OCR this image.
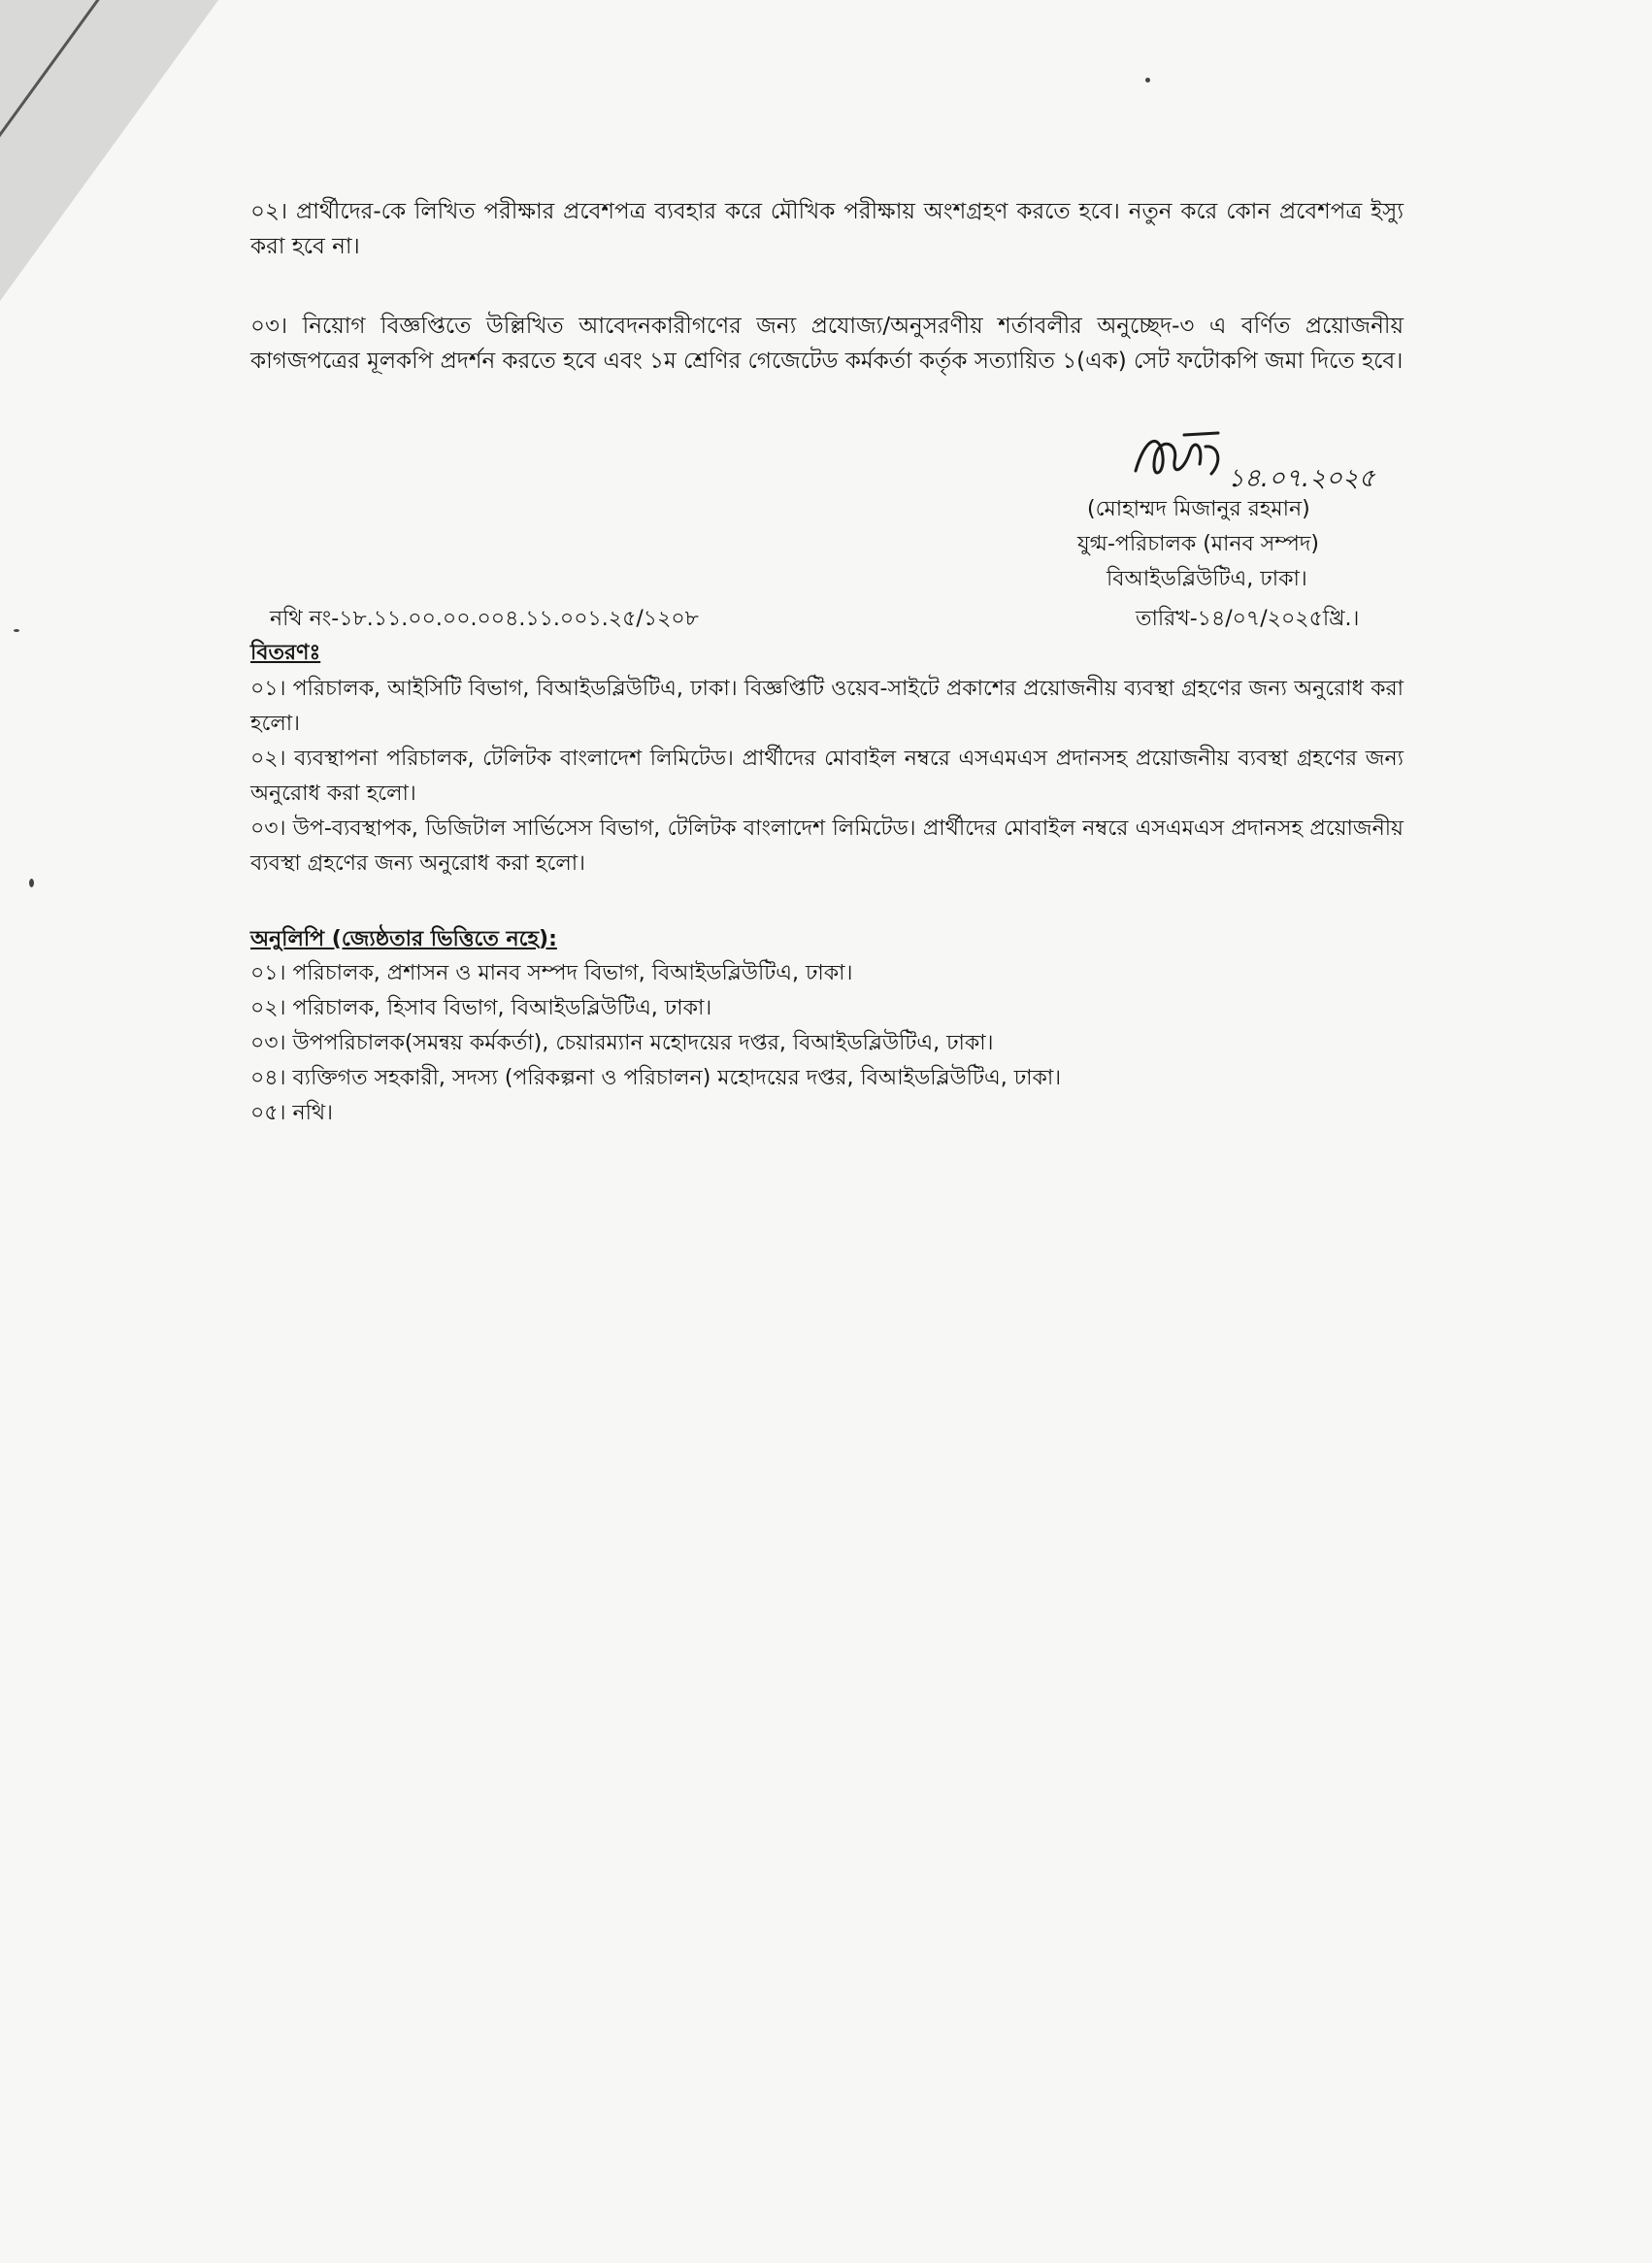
০২। প্রার্থীদের-কে লিখিত পরীক্ষার প্রবেশপত্র ব্যবহার করে মৌখিক পরীক্ষায় অংশগ্রহণ করতে হবে। নতুন করে কোন প্রবেশপত্র ইস্যু করা হবে না।

০৩। নিয়োগ বিজ্ঞপ্তিতে উল্লিখিত আবেদনকারীগণের জন্য প্রযোজ্য/অনুসরণীয় শর্তাবলীর অনুচ্ছেদ-৩ এ বর্ণিত প্রয়োজনীয় কাগজপত্রের মূলকপি প্রদর্শন করতে হবে এবং ১ম শ্রেণির গেজেটেড কর্মকর্তা কর্তৃক সত্যায়িত ১(এক) সেট ফটোকপি জমা দিতে হবে।

১৪.০৭.২০২৫
(মোহাম্মদ মিজানুর রহমান)
যুগ্ম-পরিচালক (মানব সম্পদ)
বিআইডব্লিউটিএ, ঢাকা।
নথি নং-১৮.১১.০০.০০.০০৪.১১.০০১.২৫/১২০৮	তারিখ-১৪/০৭/২০২৫খ্রি.।
বিতরণঃ

০১। পরিচালক, আইসিটি বিভাগ, বিআইডব্লিউটিএ, ঢাকা। বিজ্ঞপ্তিটি ওয়েব-সাইটে প্রকাশের প্রয়োজনীয় ব্যবস্থা গ্রহণের জন্য অনুরোধ করা হলো।

০২। ব্যবস্থাপনা পরিচালক, টেলিটক বাংলাদেশ লিমিটেড। প্রার্থীদের মোবাইল নম্বরে এসএমএস প্রদানসহ প্রয়োজনীয় ব্যবস্থা গ্রহণের জন্য অনুরোধ করা হলো।

০৩। উপ-ব্যবস্থাপক, ডিজিটাল সার্ভিসেস বিভাগ, টেলিটক বাংলাদেশ লিমিটেড। প্রার্থীদের মোবাইল নম্বরে এসএমএস প্রদানসহ প্রয়োজনীয় ব্যবস্থা গ্রহণের জন্য অনুরোধ করা হলো।

অনুলিপি (জ্যেষ্ঠতার ভিত্তিতে নহে):

০১। পরিচালক, প্রশাসন ও মানব সম্পদ বিভাগ, বিআইডব্লিউটিএ, ঢাকা।

০২। পরিচালক, হিসাব বিভাগ, বিআইডব্লিউটিএ, ঢাকা।

০৩। উপপরিচালক(সমন্বয় কর্মকর্তা), চেয়ারম্যান মহোদয়ের দপ্তর, বিআইডব্লিউটিএ, ঢাকা।

০৪। ব্যক্তিগত সহকারী, সদস্য (পরিকল্পনা ও পরিচালন) মহোদয়ের দপ্তর, বিআইডব্লিউটিএ, ঢাকা।

০৫। নথি।
